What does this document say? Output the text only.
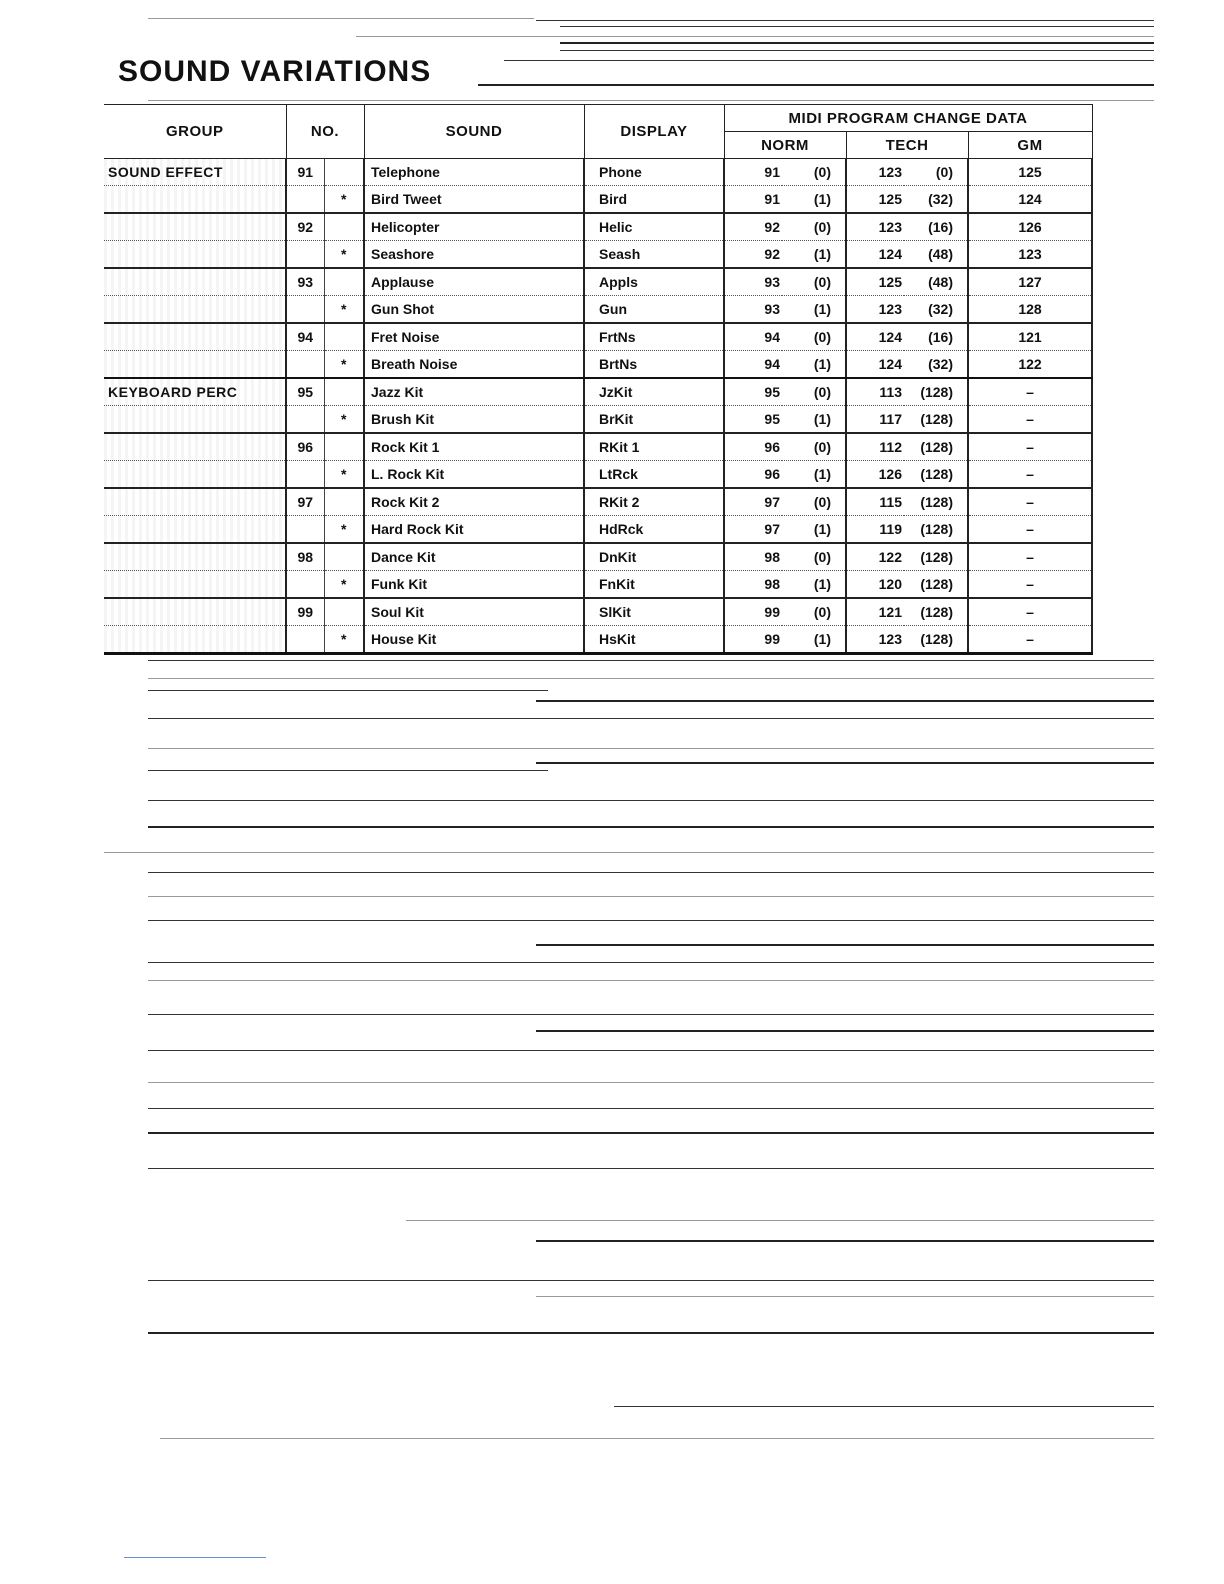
SOUND VARIATIONS
GROUP	NO.		SOUND	DISPLAY	MIDI PROGRAM CHANGE DATA				
					NORM		TECH		GM
SOUND EFFECT	91		Telephone	Phone	91	(0)	123	(0)	125
		*	Bird Tweet	Bird	91	(1)	125	(32)	124
	92		Helicopter	Helic	92	(0)	123	(16)	126
		*	Seashore	Seash	92	(1)	124	(48)	123
	93		Applause	Appls	93	(0)	125	(48)	127
		*	Gun Shot	Gun	93	(1)	123	(32)	128
	94		Fret Noise	FrtNs	94	(0)	124	(16)	121
		*	Breath Noise	BrtNs	94	(1)	124	(32)	122
KEYBOARD PERC	95		Jazz Kit	JzKit	95	(0)	113	(128)	–
		*	Brush Kit	BrKit	95	(1)	117	(128)	–
	96		Rock Kit 1	RKit 1	96	(0)	112	(128)	–
		*	L. Rock Kit	LtRck	96	(1)	126	(128)	–
	97		Rock Kit 2	RKit 2	97	(0)	115	(128)	–
		*	Hard Rock Kit	HdRck	97	(1)	119	(128)	–
	98		Dance Kit	DnKit	98	(0)	122	(128)	–
		*	Funk Kit	FnKit	98	(1)	120	(128)	–
	99		Soul Kit	SlKit	99	(0)	121	(128)	–
		*	House Kit	HsKit	99	(1)	123	(128)	–
